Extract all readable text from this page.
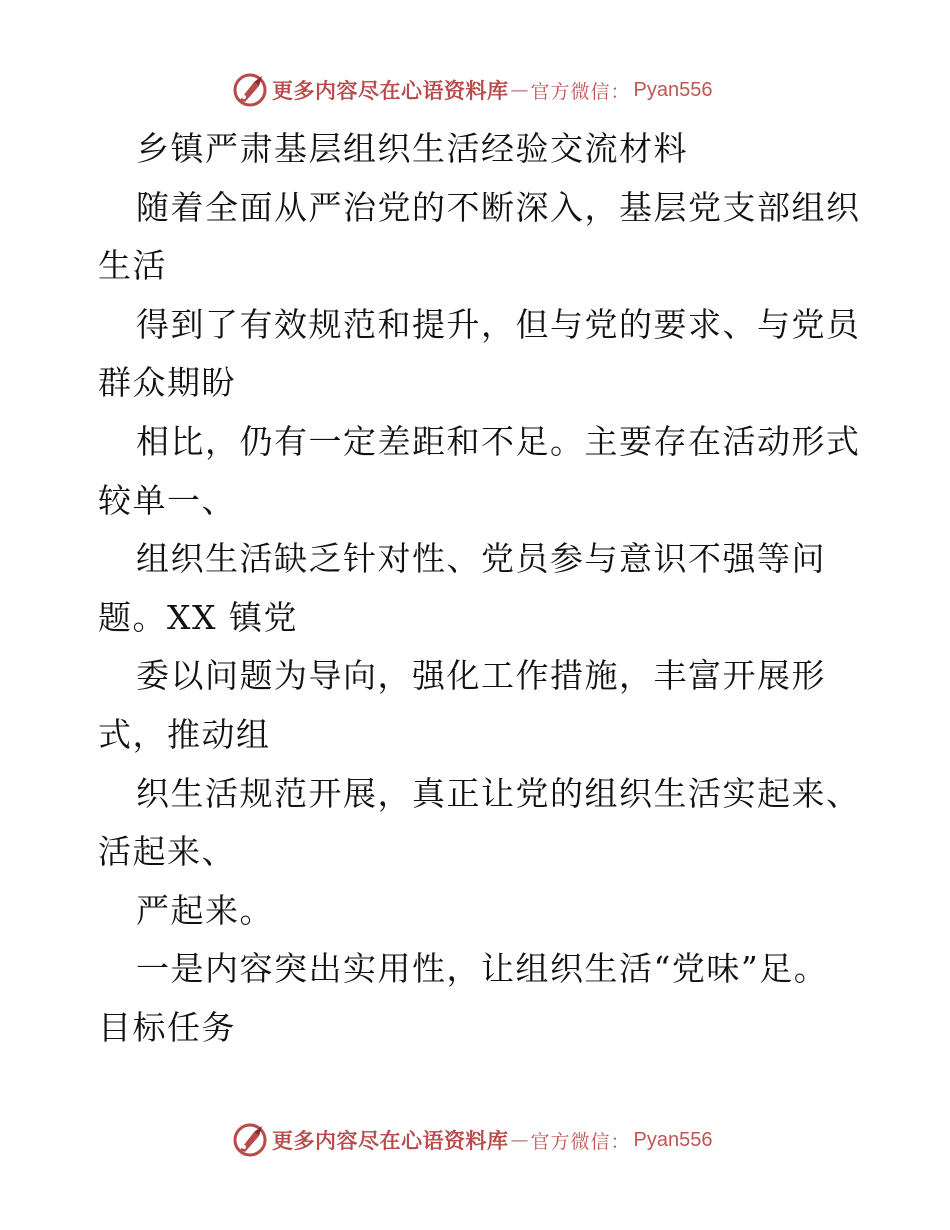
更多内容尽在心语资料库 — 官方微信 ： Pyan556
乡镇严肃基层组织生活经验交流材料
随着全面从严治党的不断深入，基层党支部组织
生活
得到了有效规范和提升，但与党的要求、与党员
群众期盼
相比，仍有一定差距和不足。主要存在活动形式
较单一、
组织生活缺乏针对性、党员参与意识不强等问
题。XX 镇党
委以问题为导向，强化工作措施，丰富开展形
式，推动组
织生活规范开展，真正让党的组织生活实起来、
活起来、
严起来。
一是内容突出实用性，让组织生活“党味”足。
目标任务
更多内容尽在心语资料库 — 官方微信 ： Pyan556
